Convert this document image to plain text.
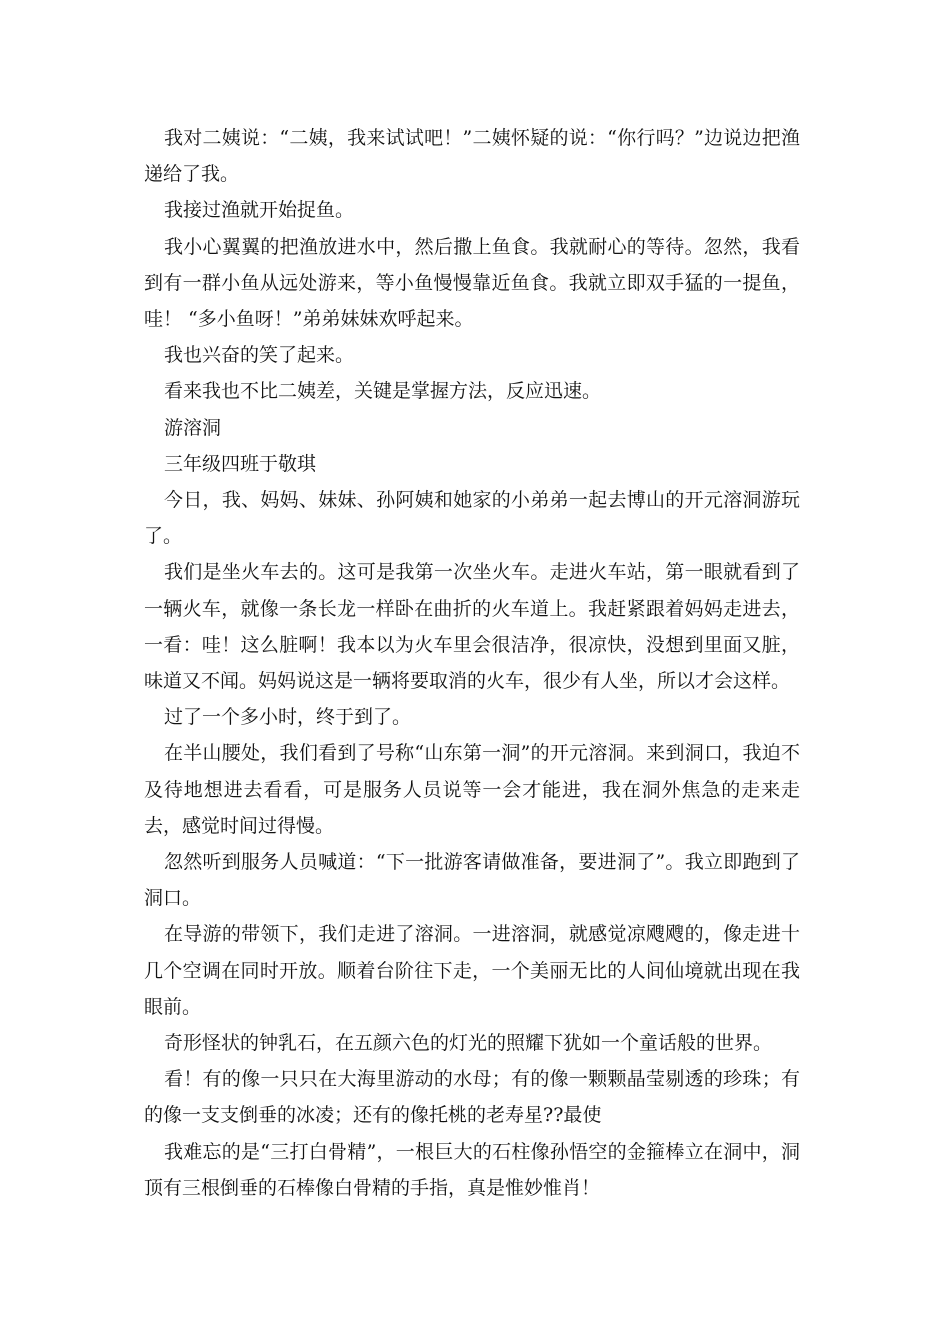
我对二姨说：“二姨，我来试试吧！”二姨怀疑的说：“你行吗？”边说边把渔递给了我。

我接过渔就开始捉鱼。

我小心翼翼的把渔放进水中，然后撒上鱼食。我就耐心的等待。忽然，我看到有一群小鱼从远处游来，等小鱼慢慢靠近鱼食。我就立即双手猛的一提鱼，哇！ “多小鱼呀！”弟弟妹妹欢呼起来。

我也兴奋的笑了起来。

看来我也不比二姨差，关键是掌握方法，反应迅速。

游溶洞

三年级四班于敬琪

今日，我、妈妈、妹妹、孙阿姨和她家的小弟弟一起去博山的开元溶洞游玩了。

我们是坐火车去的。这可是我第一次坐火车。走进火车站，第一眼就看到了一辆火车，就像一条长龙一样卧在曲折的火车道上。我赶紧跟着妈妈走进去，一看：哇！这么脏啊！我本以为火车里会很洁净，很凉快，没想到里面又脏，味道又不闻。妈妈说这是一辆将要取消的火车，很少有人坐，所以才会这样。

过了一个多小时，终于到了。

在半山腰处，我们看到了号称“山东第一洞”的开元溶洞。来到洞口，我迫不及待地想进去看看，可是服务人员说等一会才能进，我在洞外焦急的走来走去，感觉时间过得慢。

忽然听到服务人员喊道：“下一批游客请做准备，要进洞了”。我立即跑到了洞口。

在导游的带领下，我们走进了溶洞。一进溶洞，就感觉凉飕飕的，像走进十几个空调在同时开放。顺着台阶往下走，一个美丽无比的人间仙境就出现在我眼前。

奇形怪状的钟乳石，在五颜六色的灯光的照耀下犹如一个童话般的世界。

看！有的像一只只在大海里游动的水母；有的像一颗颗晶莹剔透的珍珠；有的像一支支倒垂的冰凌；还有的像托桃的老寿星??最使

我难忘的是“三打白骨精”，一根巨大的石柱像孙悟空的金箍棒立在洞中，洞顶有三根倒垂的石棒像白骨精的手指，真是惟妙惟肖！
